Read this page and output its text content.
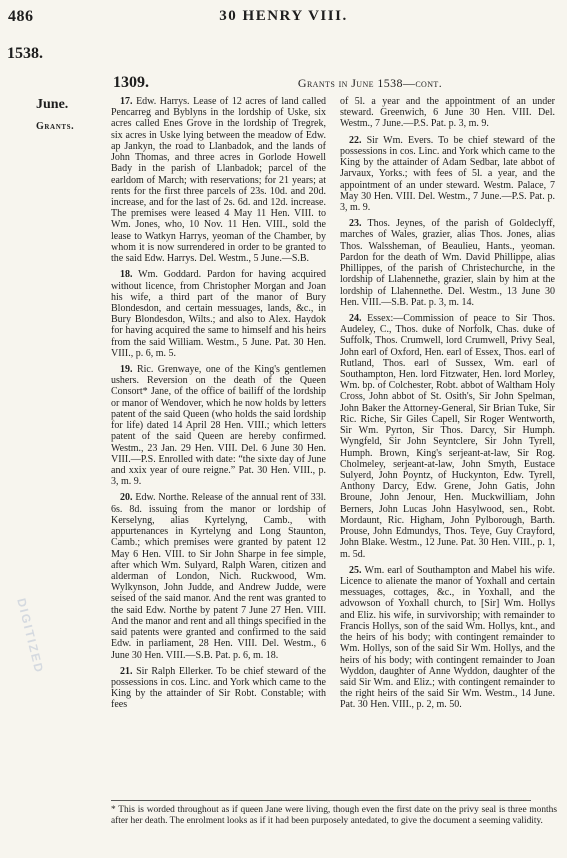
486	30 HENRY VIII.
1538.
June.
Grants.
1309.	Grants in June 1538—cont.

17. Edw. Harrys. Lease of 12 acres of land called Pencarreg and Byblyns in the lordship of Uske, six acres called Enes Grove in the lordship of Tregrek, six acres in Uske lying between the meadow of Edw. ap Jankyn, the road to Llanbadok, and the lands of John Thomas, and three acres in Gorlode Howell Bady in the parish of Llanbadok; parcel of the earldom of March; with reservations; for 21 years; at rents for the first three parcels of 23s. 10d. and 20d. increase, and for the last of 2s. 6d. and 12d. increase. The premises were leased 4 May 11 Hen. VIII. to Wm. Jones, who, 10 Nov. 11 Hen. VIII., sold the lease to Watkyn Harrys, yeoman of the Chamber, by whom it is now surrendered in order to be granted to the said Edw. Harrys. Del. Westm., 5 June.—S.B.

18. Wm. Goddard. Pardon for having acquired without licence, from Christopher Morgan and Joan his wife, a third part of the manor of Bury Blondesdon, and certain messuages, lands, &c., in Bury Blondesdon, Wilts.; and also to Alex. Haydok for having acquired the same to himself and his heirs from the said William. Westm., 5 June. Pat. 30 Hen. VIII., p. 6, m. 5.

19. Ric. Grenwaye, one of the King's gentlemen ushers. Reversion on the death of the Queen Consort* Jane, of the office of bailiff of the lordship or manor of Wendover, which he now holds by letters patent of the said Queen (who holds the said lordship for life) dated 14 April 28 Hen. VIII.; which letters patent of the said Queen are hereby confirmed. Westm., 23 Jan. 29 Hen. VIII. Del. 6 June 30 Hen. VIII.—P.S. Enrolled with date: “the sixte day of June and xxix year of oure reigne.” Pat. 30 Hen. VIII., p. 3, m. 9.

20. Edw. Northe. Release of the annual rent of 33l. 6s. 8d. issuing from the manor or lordship of Kerselyng, alias Kyrtelyng, Camb., with appurtenances in Kyrtelyng and Long Staunton, Camb.; which premises were granted by patent 12 May 6 Hen. VIII. to Sir John Sharpe in fee simple, after which Wm. Sulyard, Ralph Waren, citizen and alderman of London, Nich. Ruckwood, Wm. Wylkynson, John Judde, and Andrew Judde, were seised of the said manor. And the rent was granted to the said Edw. Northe by patent 7 June 27 Hen. VIII. And the manor and rent and all things specified in the said patents were granted and confirmed to the said Edw. in parliament, 28 Hen. VIII. Del. Westm., 6 June 30 Hen. VIII.—S.B. Pat. p. 6, m. 18.

21. Sir Ralph Ellerker. To be chief steward of the possessions in cos. Linc. and York which came to the King by the attainder of Sir Robt. Constable; with fees

of 5l. a year and the appointment of an under steward. Greenwich, 6 June 30 Hen. VIII. Del. Westm., 7 June.—P.S. Pat. p. 3, m. 9.

22. Sir Wm. Evers. To be chief steward of the possessions in cos. Linc. and York which came to the King by the attainder of Adam Sedbar, late abbot of Jarvaux, Yorks.; with fees of 5l. a year, and the appointment of an under steward. Westm. Palace, 7 May 30 Hen. VIII. Del. Westm., 7 June.—P.S. Pat. p. 3, m. 9.

23. Thos. Jeynes, of the parish of Goldeclyff, marches of Wales, grazier, alias Thos. Jones, alias Thos. Walssheman, of Beaulieu, Hants., yeoman. Pardon for the death of Wm. David Phillippe, alias Phillippes, of the parish of Christechurche, in the lordship of Llahennethe, grazier, slain by him at the lordship of Llahennethe. Del. Westm., 13 June 30 Hen. VIII.—S.B. Pat. p. 3, m. 14.

24. Essex:—Commission of peace to Sir Thos. Audeley, C., Thos. duke of Norfolk, Chas. duke of Suffolk, Thos. Crumwell, lord Crumwell, Privy Seal, John earl of Oxford, Hen. earl of Essex, Thos. earl of Rutland, Thos. earl of Sussex, Wm. earl of Southampton, Hen. lord Fitzwater, Hen. lord Morley, Wm. bp. of Colchester, Robt. abbot of Waltham Holy Cross, John abbot of St. Osith's, Sir John Spelman, John Baker the Attorney-General, Sir Brian Tuke, Sir Ric. Riche, Sir Giles Capell, Sir Roger Wentworth, Sir Wm. Pyrton, Sir Thos. Darcy, Sir Humph. Wyngfeld, Sir John Seyntclere, Sir John Tyrell, Humph. Brown, King's serjeant-at-law, Sir Rog. Cholmeley, serjeant-at-law, John Smyth, Eustace Sulyerd, John Poyntz, of Huckynton, Edw. Tyrell, Anthony Darcy, Edw. Grene, John Gatis, John Broune, John Jenour, Hen. Muckwilliam, John Berners, John Lucas John Hasylwood, sen., Robt. Mordaunt, Ric. Higham, John Pylborough, Barth. Prouse, John Edmundys, Thos. Teye, Guy Crayford, John Blake. Westm., 12 June. Pat. 30 Hen. VIII., p. 1, m. 5d.

25. Wm. earl of Southampton and Mabel his wife. Licence to alienate the manor of Yoxhall and certain messuages, cottages, &c., in Yoxhall, and the advowson of Yoxhall church, to [Sir] Wm. Hollys and Eliz. his wife, in survivorship; with remainder to Francis Hollys, son of the said Wm. Hollys, knt., and the heirs of his body; with contingent remainder to Wm. Hollys, son of the said Sir Wm. Hollys, and the heirs of his body; with contingent remainder to Joan Wyddon, daughter of Anne Wyddon, daughter of the said Sir Wm. and Eliz.; with contingent remainder to the right heirs of the said Sir Wm. Westm., 14 June. Pat. 30 Hen. VIII., p. 2, m. 50.

* This is worded throughout as if queen Jane were living, though even the first date on the privy seal is three months after her death. The enrolment looks as if it had been purposely antedated, to give the document a seeming validity.
DIGITIZED
